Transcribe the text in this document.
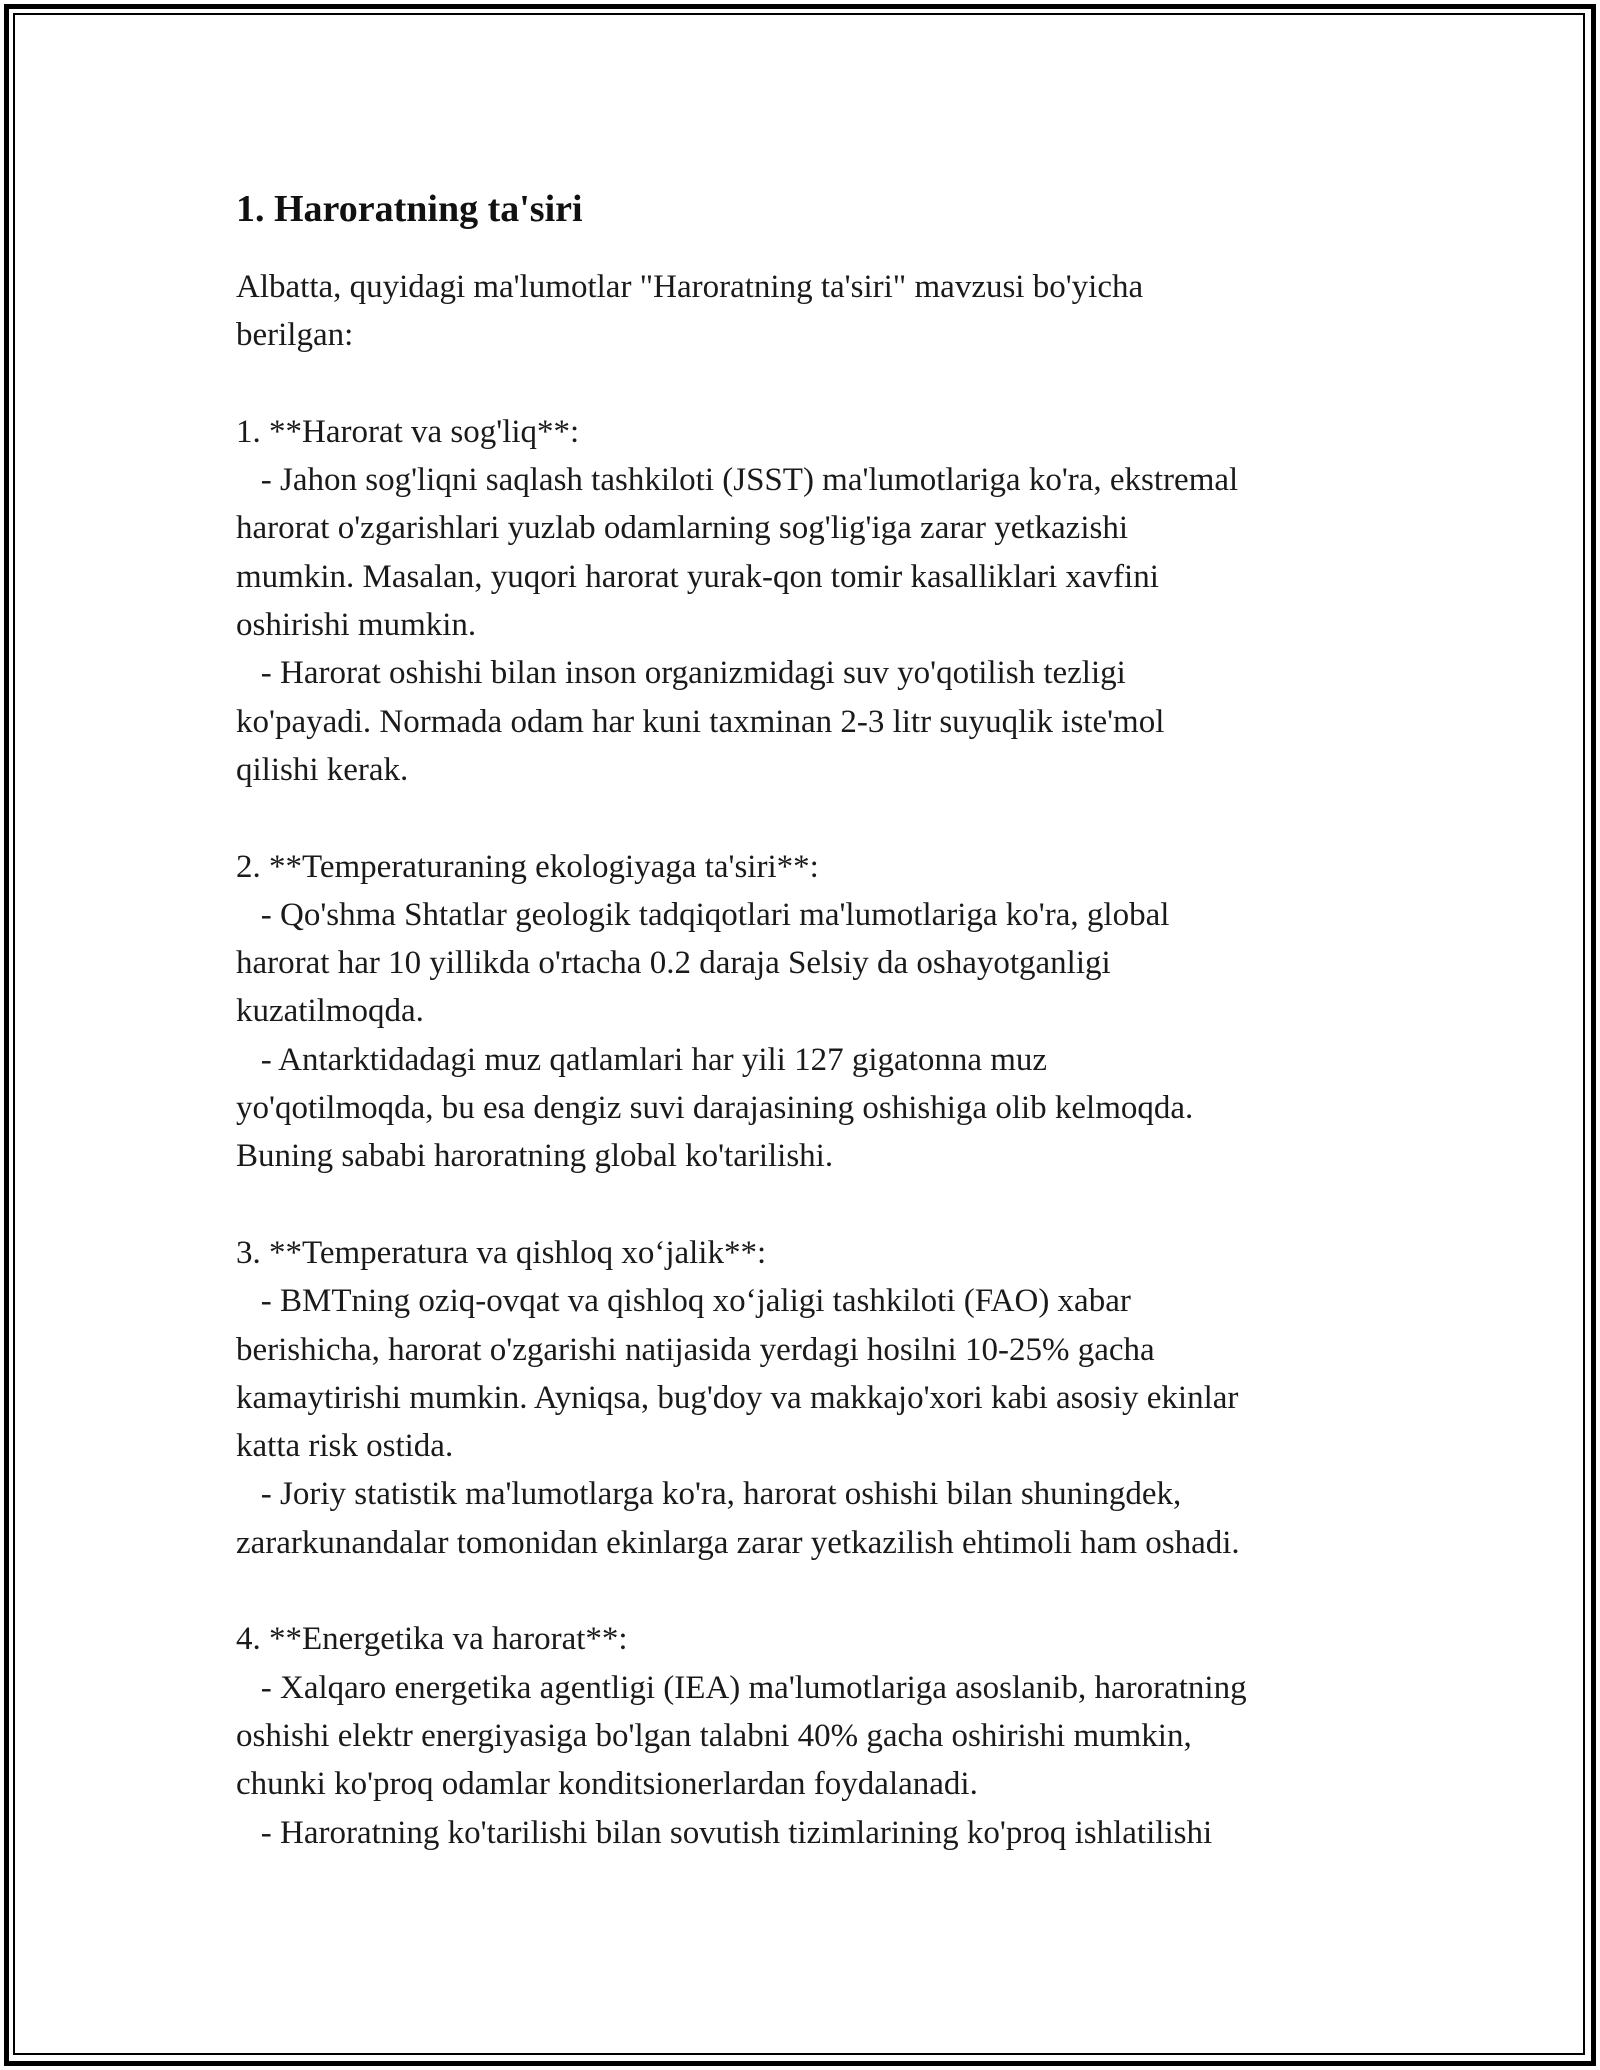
1. Haroratning ta'siri

Albatta, quyidagi ma'lumotlar "Haroratning ta'siri" mavzusi bo'yicha
berilgan:

1. **Harorat va sog'liq**:
- Jahon sog'liqni saqlash tashkiloti (JSST) ma'lumotlariga ko'ra, ekstremal
harorat o'zgarishlari yuzlab odamlarning sog'lig'iga zarar yetkazishi
mumkin. Masalan, yuqori harorat yurak-qon tomir kasalliklari xavfini
oshirishi mumkin.
- Harorat oshishi bilan inson organizmidagi suv yo'qotilish tezligi
ko'payadi. Normada odam har kuni taxminan 2-3 litr suyuqlik iste'mol
qilishi kerak.

2. **Temperaturaning ekologiyaga ta'siri**:
- Qo'shma Shtatlar geologik tadqiqotlari ma'lumotlariga ko'ra, global
harorat har 10 yillikda o'rtacha 0.2 daraja Selsiy da oshayotganligi
kuzatilmoqda.
- Antarktidadagi muz qatlamlari har yili 127 gigatonna muz
yo'qotilmoqda, bu esa dengiz suvi darajasining oshishiga olib kelmoqda.
Buning sababi haroratning global ko'tarilishi.

3. **Temperatura va qishloq xo‘jalik**:
- BMTning oziq-ovqat va qishloq xo‘jaligi tashkiloti (FAO) xabar
berishicha, harorat o'zgarishi natijasida yerdagi hosilni 10-25% gacha
kamaytirishi mumkin. Ayniqsa, bug'doy va makkajo'xori kabi asosiy ekinlar
katta risk ostida.
- Joriy statistik ma'lumotlarga ko'ra, harorat oshishi bilan shuningdek,
zararkunandalar tomonidan ekinlarga zarar yetkazilish ehtimoli ham oshadi.

4. **Energetika va harorat**:
- Xalqaro energetika agentligi (IEA) ma'lumotlariga asoslanib, haroratning
oshishi elektr energiyasiga bo'lgan talabni 40% gacha oshirishi mumkin,
chunki ko'proq odamlar konditsionerlardan foydalanadi.
- Haroratning ko'tarilishi bilan sovutish tizimlarining ko'proq ishlatilishi
